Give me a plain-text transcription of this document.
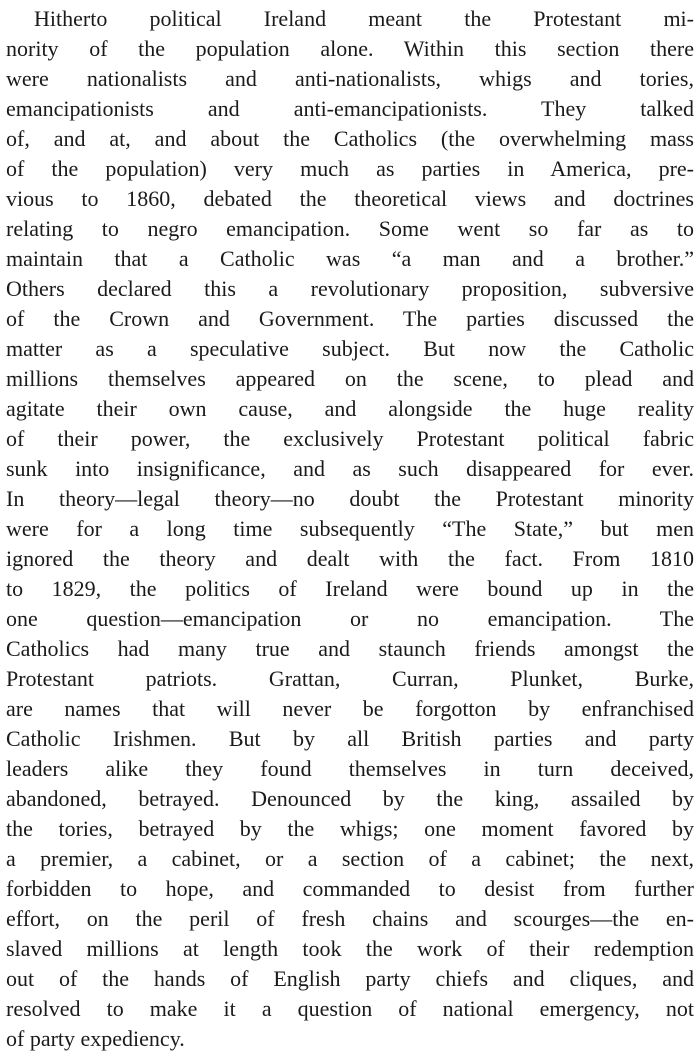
Hitherto political Ireland meant the Protestant mi-
nority of the population alone. Within this section there
were nationalists and anti-nationalists, whigs and tories,
emancipationists and anti-emancipationists. They talked
of, and at, and about the Catholics (the overwhelming mass
of the population) very much as parties in America, pre-
vious to 1860, debated the theoretical views and doctrines
relating to negro emancipation. Some went so far as to
maintain that a Catholic was “a man and a brother.”
Others declared this a revolutionary proposition, subversive
of the Crown and Government. The parties discussed the
matter as a speculative subject. But now the Catholic
millions themselves appeared on the scene, to plead and
agitate their own cause, and alongside the huge reality
of their power, the exclusively Protestant political fabric
sunk into insignificance, and as such disappeared for ever.
In theory—legal theory—no doubt the Protestant minority
were for a long time subsequently “The State,” but men
ignored the theory and dealt with the fact. From 1810
to 1829, the politics of Ireland were bound up in the
one question—emancipation or no emancipation. The
Catholics had many true and staunch friends amongst the
Protestant patriots. Grattan, Curran, Plunket, Burke,
are names that will never be forgotton by enfranchised
Catholic Irishmen. But by all British parties and party
leaders alike they found themselves in turn deceived,
abandoned, betrayed. Denounced by the king, assailed by
the tories, betrayed by the whigs; one moment favored by
a premier, a cabinet, or a section of a cabinet; the next,
forbidden to hope, and commanded to desist from further
effort, on the peril of fresh chains and scourges—the en-
slaved millions at length took the work of their redemption
out of the hands of English party chiefs and cliques, and
resolved to make it a question of national emergency, not
of party expediency.
